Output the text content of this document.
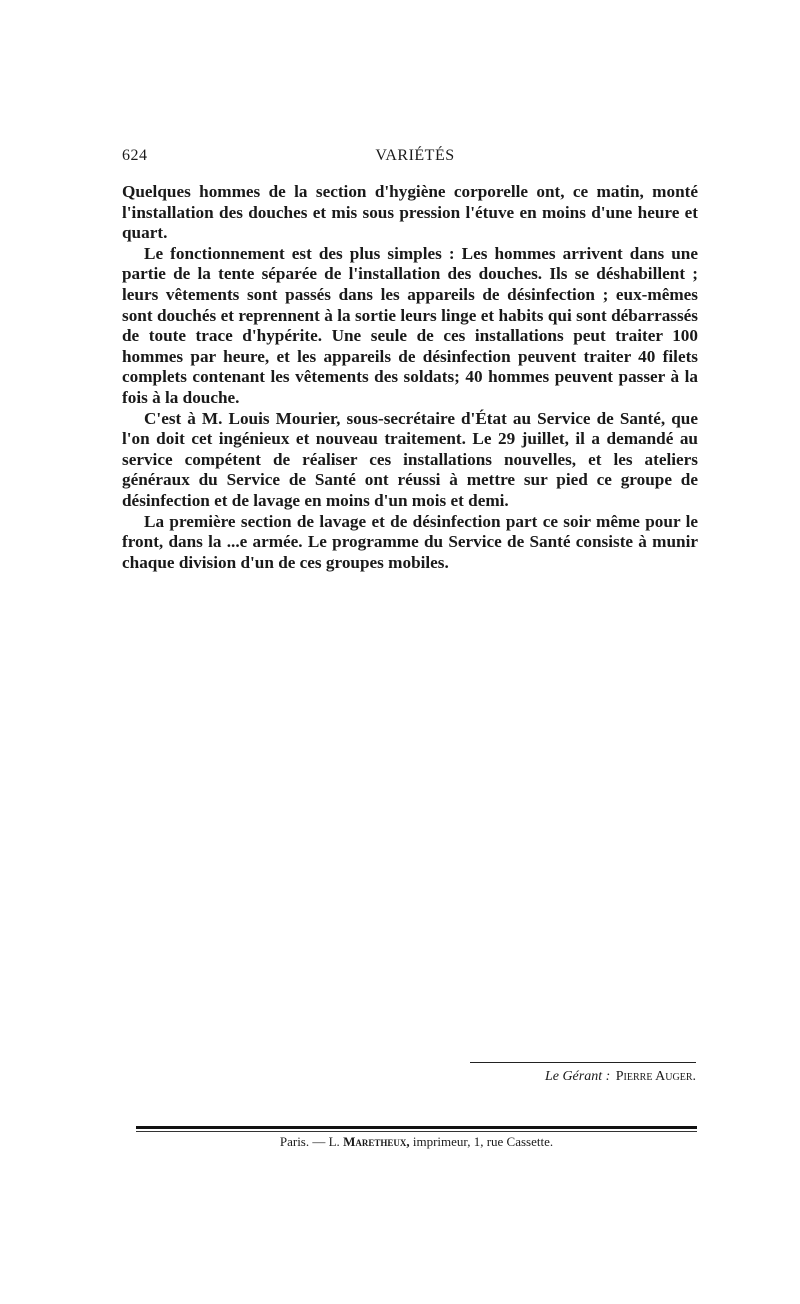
624	VARIÉTÉS

Quelques hommes de la section d'hygiène corporelle ont, ce matin, monté l'installation des douches et mis sous pression l'étuve en moins d'une heure et quart.

Le fonctionnement est des plus simples : Les hommes arrivent dans une partie de la tente séparée de l'installation des douches. Ils se déshabillent ; leurs vêtements sont passés dans les appareils de désinfection ; eux-mêmes sont douchés et reprennent à la sortie leurs linge et habits qui sont débarrassés de toute trace d'hypérite. Une seule de ces installations peut traiter 100 hommes par heure, et les appareils de désinfection peuvent traiter 40 filets complets contenant les vêtements des soldats; 40 hommes peuvent passer à la fois à la douche.

C'est à M. Louis Mourier, sous-secrétaire d'État au Service de Santé, que l'on doit cet ingénieux et nouveau traitement. Le 29 juillet, il a demandé au service compétent de réaliser ces installations nouvelles, et les ateliers généraux du Service de Santé ont réussi à mettre sur pied ce groupe de désinfection et de lavage en moins d'un mois et demi.

La première section de lavage et de désinfection part ce soir même pour le front, dans la ...e armée. Le programme du Service de Santé consiste à munir chaque division d'un de ces groupes mobiles.

Le Gérant : Pierre Auger.
Paris. — L. Maretheux, imprimeur, 1, rue Cassette.
